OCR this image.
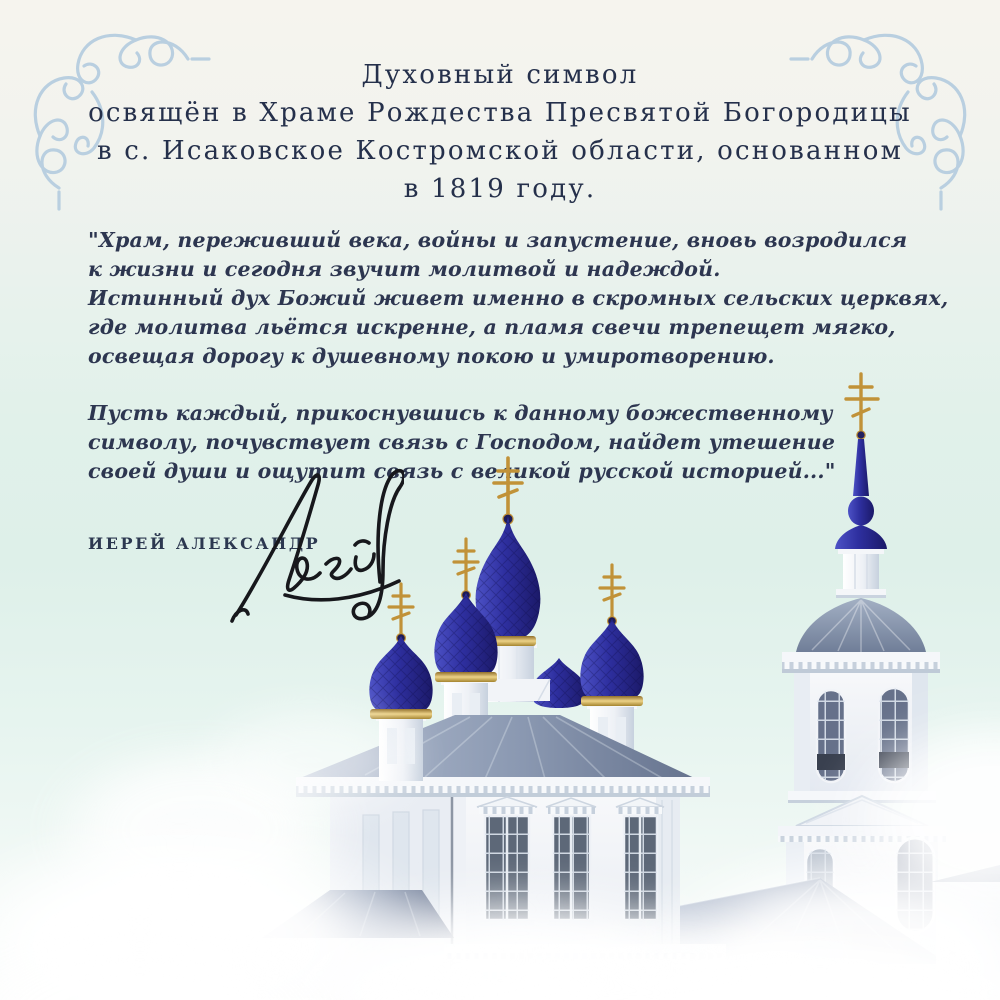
Духовный символ
освящён в Храме Рождества Пресвятой Богородицы
в с. Исаковское Костромской области, основанном
в 1819 году.
"Храм, переживший века, войны и запустение, вновь возродился
к жизни и сегодня звучит молитвой и надеждой.
Истинный дух Божий живет именно в скромных сельских церквях,
где молитва льётся искренне, а пламя свечи трепещет мягко,
освещая дорогу к душевному покою и умиротворению.
Пусть каждый, прикоснувшись к данному божественному
символу, почувствует связь с Господом, найдет утешение
своей души и ощутит связь с великой русской историей..."
ИЕРЕЙ АЛЕКСАНДР
